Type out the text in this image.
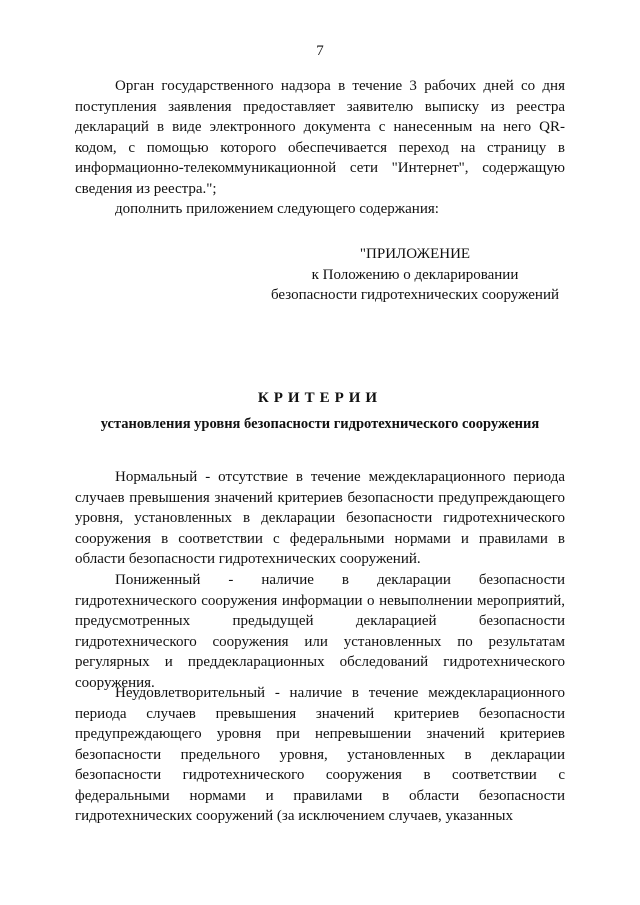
7

Орган государственного надзора в течение 3 рабочих дней со дня поступления заявления предоставляет заявителю выписку из реестра деклараций в виде электронного документа с нанесенным на него QR-кодом, с помощью которого обеспечивается переход на страницу в информационно-телекоммуникационной сети "Интернет", содержащую сведения из реестра.";

дополнить приложением следующего содержания:

"ПРИЛОЖЕНИЕ
к Положению о декларировании
безопасности гидротехнических сооружений
КРИТЕРИИ
установления уровня безопасности гидротехнического сооружения

Нормальный - отсутствие в течение междекларационного периода случаев превышения значений критериев безопасности предупреждающего уровня, установленных в декларации безопасности гидротехнического сооружения в соответствии с федеральными нормами и правилами в области безопасности гидротехнических сооружений.

Пониженный - наличие в декларации безопасности гидротехнического сооружения информации о невыполнении мероприятий, предусмотренных предыдущей декларацией безопасности гидротехнического сооружения или установленных по результатам регулярных и преддекларационных обследований гидротехнического сооружения.

Неудовлетворительный - наличие в течение междекларационного периода случаев превышения значений критериев безопасности предупреждающего уровня при непревышении значений критериев безопасности предельного уровня, установленных в декларации безопасности гидротехнического сооружения в соответствии с федеральными нормами и правилами в области безопасности гидротехнических сооружений (за исключением случаев, указанных
